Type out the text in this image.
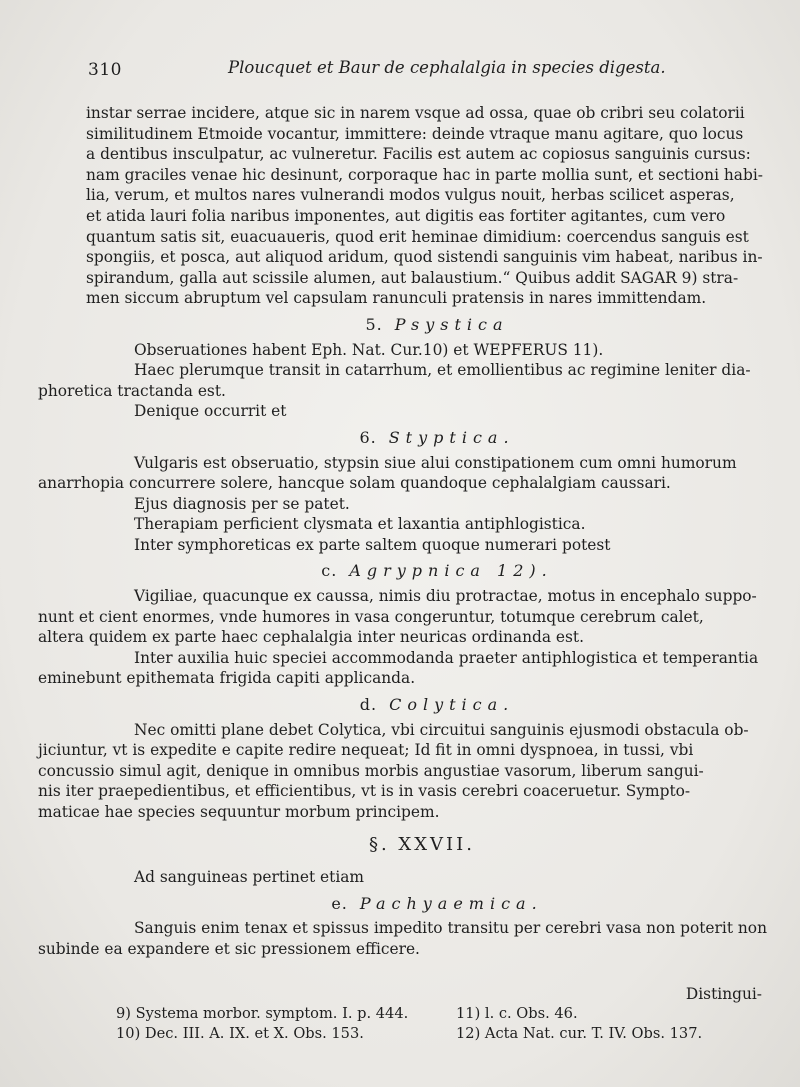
310	Ploucquet et Baur de cephalalgia in species digesta.

instar serrae incidere, atque sic in narem vsque ad ossa, quae ob cribri seu colatorii
similitudinem Etmoide vocantur, immittere: deinde vtraque manu agitare, quo locus
a dentibus insculpatur, ac vulneretur. Facilis est autem ac copiosus sanguinis cursus:
nam graciles venae hic desinunt, corporaque hac in parte mollia sunt, et sectioni habi-
lia, verum, et multos nares vulnerandi modos vulgus nouit, herbas scilicet asperas,
et atida lauri folia naribus imponentes, aut digitis eas fortiter agitantes, cum vero
quantum satis sit, euacuaueris, quod erit heminae dimidium: coercendus sanguis est
spongiis, et posca, aut aliquod aridum, quod sistendi sanguinis vim habeat, naribus in-
spirandum, galla aut scissile alumen, aut balaustium.“ Quibus addit SAGAR 9) stra-
men siccum abruptum vel capsulam ranunculi pratensis in nares immittendam.

5. Psystica

Obseruationes habent Eph. Nat. Cur.10) et WEPFERUS 11).

Haec plerumque transit in catarrhum, et emollientibus ac regimine leniter dia-
phoretica tractanda est.

Denique occurrit et

6. Styptica.

Vulgaris est obseruatio, stypsin siue alui constipationem cum omni humorum
anarrhopia concurrere solere, hancque solam quandoque cephalalgiam caussari.

Ejus diagnosis per se patet.

Therapiam perficient clysmata et laxantia antiphlogistica.

Inter symphoreticas ex parte saltem quoque numerari potest

c. Agrypnica 12).

Vigiliae, quacunque ex caussa, nimis diu protractae, motus in encephalo suppo-
nunt et cient enormes, vnde humores in vasa congeruntur, totumque cerebrum calet,
altera quidem ex parte haec cephalalgia inter neuricas ordinanda est.

Inter auxilia huic speciei accommodanda praeter antiphlogistica et temperantia
eminebunt epithemata frigida capiti applicanda.

d. Colytica.

Nec omitti plane debet Colytica, vbi circuitui sanguinis ejusmodi obstacula ob-
jiciuntur, vt is expedite e capite redire nequeat; Id fit in omni dyspnoea, in tussi, vbi
concussio simul agit, denique in omnibus morbis angustiae vasorum, liberum sangui-
nis iter praepedientibus, et efficientibus, vt is in vasis cerebri coaceruetur. Sympto-
maticae hae species sequuntur morbum principem.

§. XXVII.

Ad sanguineas pertinet etiam

e. Pachyaemica.

Sanguis enim tenax et spissus impedito transitu per cerebri vasa non poterit non
subinde ea expandere et sic pressionem efficere.

Distingui-
9) Systema morbor. symptom. I. p. 444.	11) l. c. Obs. 46.
10) Dec. III. A. IX. et X. Obs. 153.	12) Acta Nat. cur. T. IV. Obs. 137.
